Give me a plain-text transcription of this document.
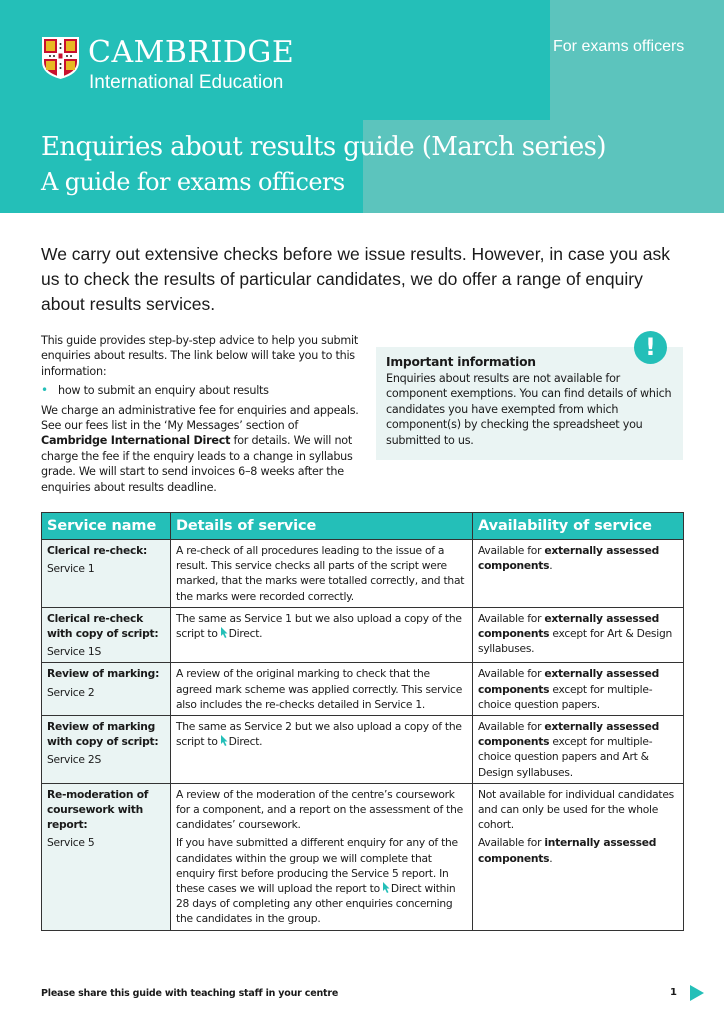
CAMBRIDGE
International Education
For exams officers
Enquiries about results guide (March series)
A guide for exams officers
We carry out extensive checks before we issue results. However, in case you ask us to check the results of particular candidates, we do offer a range of enquiry about results services.

This guide provides step-by-step advice to help you submit enquiries about results. The link below will take you to this information:

• how to submit an enquiry about results

We charge an administrative fee for enquiries and appeals. See our fees list in the ‘My Messages’ section of Cambridge International Direct for details. We will not charge the fee if the enquiry leads to a change in syllabus grade. We will start to send invoices 6–8 weeks after the enquiries about results deadline.

Important information
Enquiries about results are not available for component exemptions. You can find details of which candidates you have exempted from which component(s) by checking the spreadsheet you submitted to us.
!
Service name	Details of service	Availability of service

Clerical re-check:
Service 1	A re-check of all procedures leading to the issue of a result. This service checks all parts of the script were marked, that the marks were totalled correctly, and that the marks were recorded correctly.	Available for externally assessed components.

Clerical re-check with copy of script:
Service 1S	The same as Service 1 but we also upload a copy of the script to Direct.	Available for externally assessed components except for Art & Design syllabuses.

Review of marking:
Service 2	A review of the original marking to check that the agreed mark scheme was applied correctly. This service also includes the re-checks detailed in Service 1.	Available for externally assessed components except for multiple-choice question papers.

Review of marking with copy of script:
Service 2S	The same as Service 2 but we also upload a copy of the script to Direct.	Available for externally assessed components except for multiple-choice question papers and Art & Design syllabuses.

Re-moderation of coursework with report:
Service 5	A review of the moderation of the centre’s coursework for a component, and a report on the assessment of the candidates’ coursework.
If you have submitted a different enquiry for any of the candidates within the group we will complete that enquiry first before producing the Service 5 report. In these cases we will upload the report to Direct within 28 days of completing any other enquiries concerning the candidates in the group.	Not available for individual candidates and can only be used for the whole cohort.
Available for internally assessed components.
Please share this guide with teaching staff in your centre	1
